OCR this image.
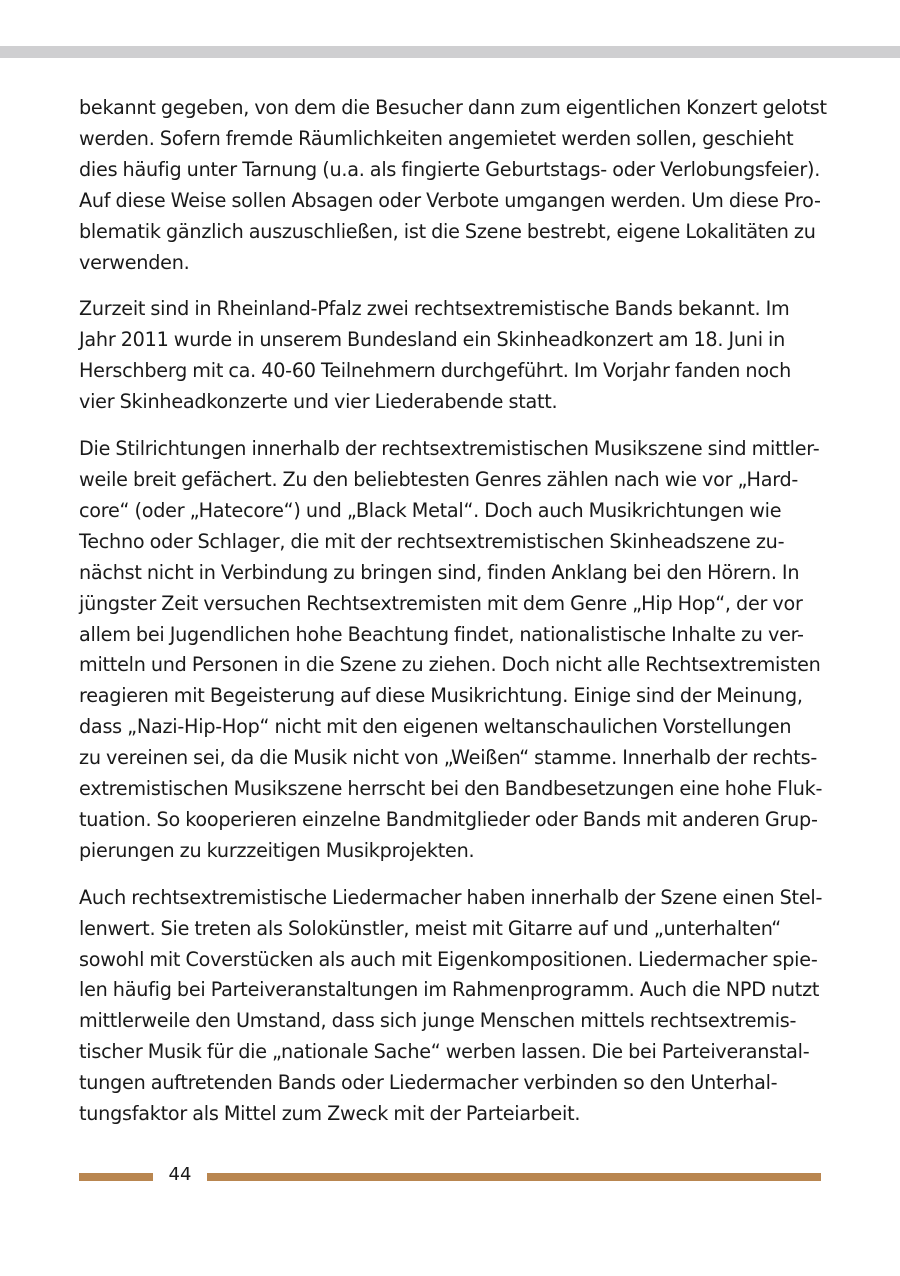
bekannt gegeben, von dem die Besucher dann zum eigentlichen Konzert gelotst
werden. Sofern fremde Räumlichkeiten angemietet werden sollen, geschieht
dies häufig unter Tarnung (u.a. als fingierte Geburtstags- oder Verlobungsfeier).
Auf diese Weise sollen Absagen oder Verbote umgangen werden. Um diese Pro-
blematik gänzlich auszuschließen, ist die Szene bestrebt, eigene Lokalitäten zu
verwenden.

Zurzeit sind in Rheinland-Pfalz zwei rechtsextremistische Bands bekannt. Im
Jahr 2011 wurde in unserem Bundesland ein Skinheadkonzert am 18. Juni in
Herschberg mit ca. 40-60 Teilnehmern durchgeführt. Im Vorjahr fanden noch
vier Skinheadkonzerte und vier Liederabende statt.

Die Stilrichtungen innerhalb der rechtsextremistischen Musikszene sind mittler-
weile breit gefächert. Zu den beliebtesten Genres zählen nach wie vor „Hard-
core“ (oder „Hatecore“) und „Black Metal“. Doch auch Musikrichtungen wie
Techno oder Schlager, die mit der rechtsextremistischen Skinheadszene zu-
nächst nicht in Verbindung zu bringen sind, finden Anklang bei den Hörern. In
jüngster Zeit versuchen Rechtsextremisten mit dem Genre „Hip Hop“, der vor
allem bei Jugendlichen hohe Beachtung findet, nationalistische Inhalte zu ver-
mitteln und Personen in die Szene zu ziehen. Doch nicht alle Rechtsextremisten
reagieren mit Begeisterung auf diese Musikrichtung. Einige sind der Meinung,
dass „Nazi-Hip-Hop“ nicht mit den eigenen weltanschaulichen Vorstellungen
zu vereinen sei, da die Musik nicht von „Weißen“ stamme. Innerhalb der rechts-
extremistischen Musikszene herrscht bei den Bandbesetzungen eine hohe Fluk-
tuation. So kooperieren einzelne Bandmitglieder oder Bands mit anderen Grup-
pierungen zu kurzzeitigen Musikprojekten.

Auch rechtsextremistische Liedermacher haben innerhalb der Szene einen Stel-
lenwert. Sie treten als Solokünstler, meist mit Gitarre auf und „unterhalten“
sowohl mit Coverstücken als auch mit Eigenkompositionen. Liedermacher spie-
len häufig bei Parteiveranstaltungen im Rahmenprogramm. Auch die NPD nutzt
mittlerweile den Umstand, dass sich junge Menschen mittels rechtsextremis-
tischer Musik für die „nationale Sache“ werben lassen. Die bei Parteiveranstal-
tungen auftretenden Bands oder Liedermacher verbinden so den Unterhal-
tungsfaktor als Mittel zum Zweck mit der Parteiarbeit.

44
